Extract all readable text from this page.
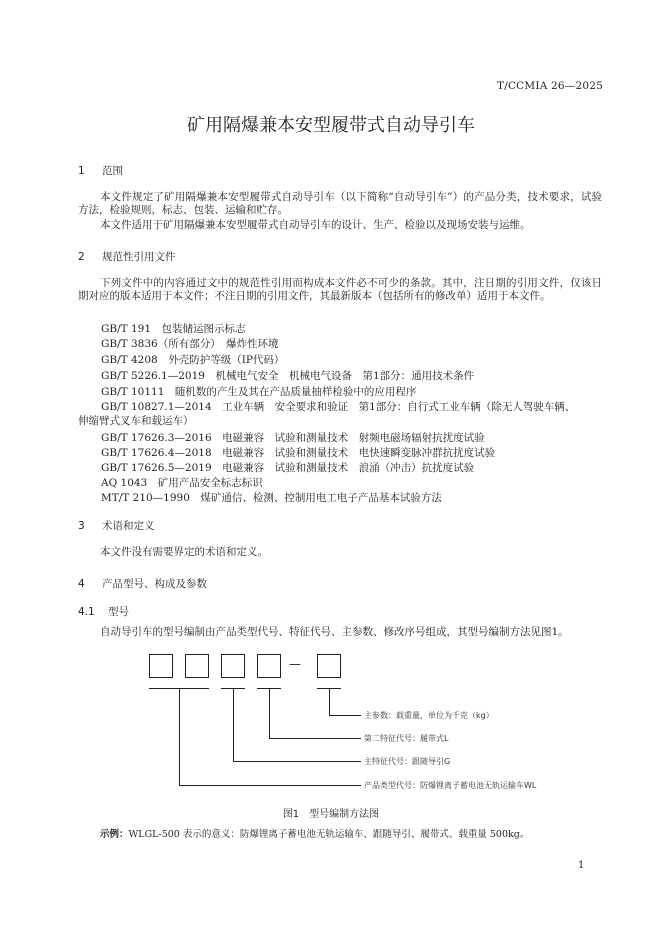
T/CCMIA 26—2025
矿用隔爆兼本安型履带式自动导引车
1 范围
本文件规定了矿用隔爆兼本安型履带式自动导引车（以下简称“自动导引车”）的产品分类，技术要求，试验方法，检验规则，标志、包装、运输和贮存。
本文件适用于矿用隔爆兼本安型履带式自动导引车的设计、生产、检验以及现场安装与运维。
2 规范性引用文件
下列文件中的内容通过文中的规范性引用而构成本文件必不可少的条款。其中，注日期的引用文件，仅该日期对应的版本适用于本文件；不注日期的引用文件，其最新版本（包括所有的修改单）适用于本文件。
GB/T 191　包装储运图示标志
GB/T 3836（所有部分）　爆炸性环境
GB/T 4208　外壳防护等级（IP代码）
GB/T 5226.1—2019　机械电气安全　机械电气设备　第1部分：通用技术条件
GB/T 10111　随机数的产生及其在产品质量抽样检验中的应用程序
GB/T 10827.1—2014　工业车辆　安全要求和验证　第1部分：自行式工业车辆（除无人驾驶车辆、
伸缩臂式叉车和载运车）
GB/T 17626.3—2016　电磁兼容　试验和测量技术　射频电磁场辐射抗扰度试验
GB/T 17626.4—2018　电磁兼容　试验和测量技术　电快速瞬变脉冲群抗扰度试验
GB/T 17626.5—2019　电磁兼容　试验和测量技术　浪涌（冲击）抗扰度试验
AQ 1043　矿用产品安全标志标识
MT/T 210—1990　煤矿通信、检测、控制用电工电子产品基本试验方法
3 术语和定义
本文件没有需要界定的术语和定义。
4 产品型号、构成及参数
4.1 型号
自动导引车的型号编制由产品类型代号、特征代号、主参数、修改序号组成，其型号编制方法见图1。
—
主参数：载重量，单位为千克（kg）
第二特征代号：履带式L
主特征代号：跟随导引G
产品类型代号：防爆锂离子蓄电池无轨运输车WL
图1　型号编制方法图
示例：WLGL-500 表示的意义：防爆锂离子蓄电池无轨运输车、跟随导引、履带式、载重量 500kg。
1
